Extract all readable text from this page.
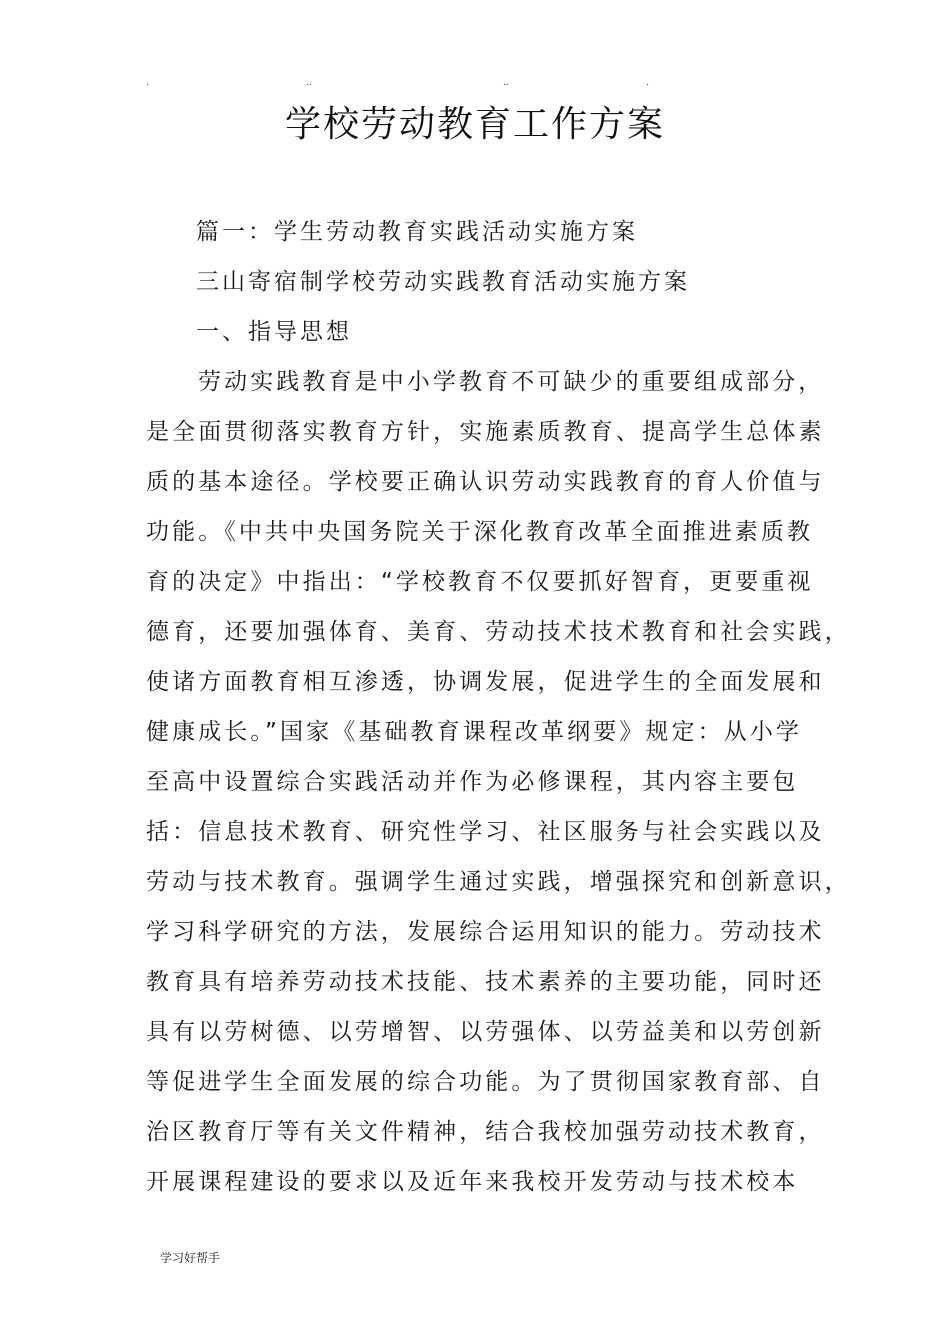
.	..	..	.
学校劳动教育工作方案
篇一：学生劳动教育实践活动实施方案
三山寄宿制学校劳动实践教育活动实施方案
一、指导思想
劳动实践教育是中小学教育不可缺少的重要组成部分，
是全面贯彻落实教育方针，实施素质教育、提高学生总体素
质的基本途径。学校要正确认识劳动实践教育的育人价值与
功能。《中共中央国务院关于深化教育改革全面推进素质教
育的决定》中指出：“学校教育不仅要抓好智育，更要重视
德育，还要加强体育、美育、劳动技术技术教育和社会实践，
使诸方面教育相互渗透，协调发展，促进学生的全面发展和
健康成长。”国家《基础教育课程改革纲要》规定：从小学
至高中设置综合实践活动并作为必修课程，其内容主要包
括：信息技术教育、研究性学习、社区服务与社会实践以及
劳动与技术教育。强调学生通过实践，增强探究和创新意识，
学习科学研究的方法，发展综合运用知识的能力。劳动技术
教育具有培养劳动技术技能、技术素养的主要功能，同时还
具有以劳树德、以劳增智、以劳强体、以劳益美和以劳创新
等促进学生全面发展的综合功能。为了贯彻国家教育部、自
治区教育厅等有关文件精神，结合我校加强劳动技术教育，
开展课程建设的要求以及近年来我校开发劳动与技术校本
学习好帮手
